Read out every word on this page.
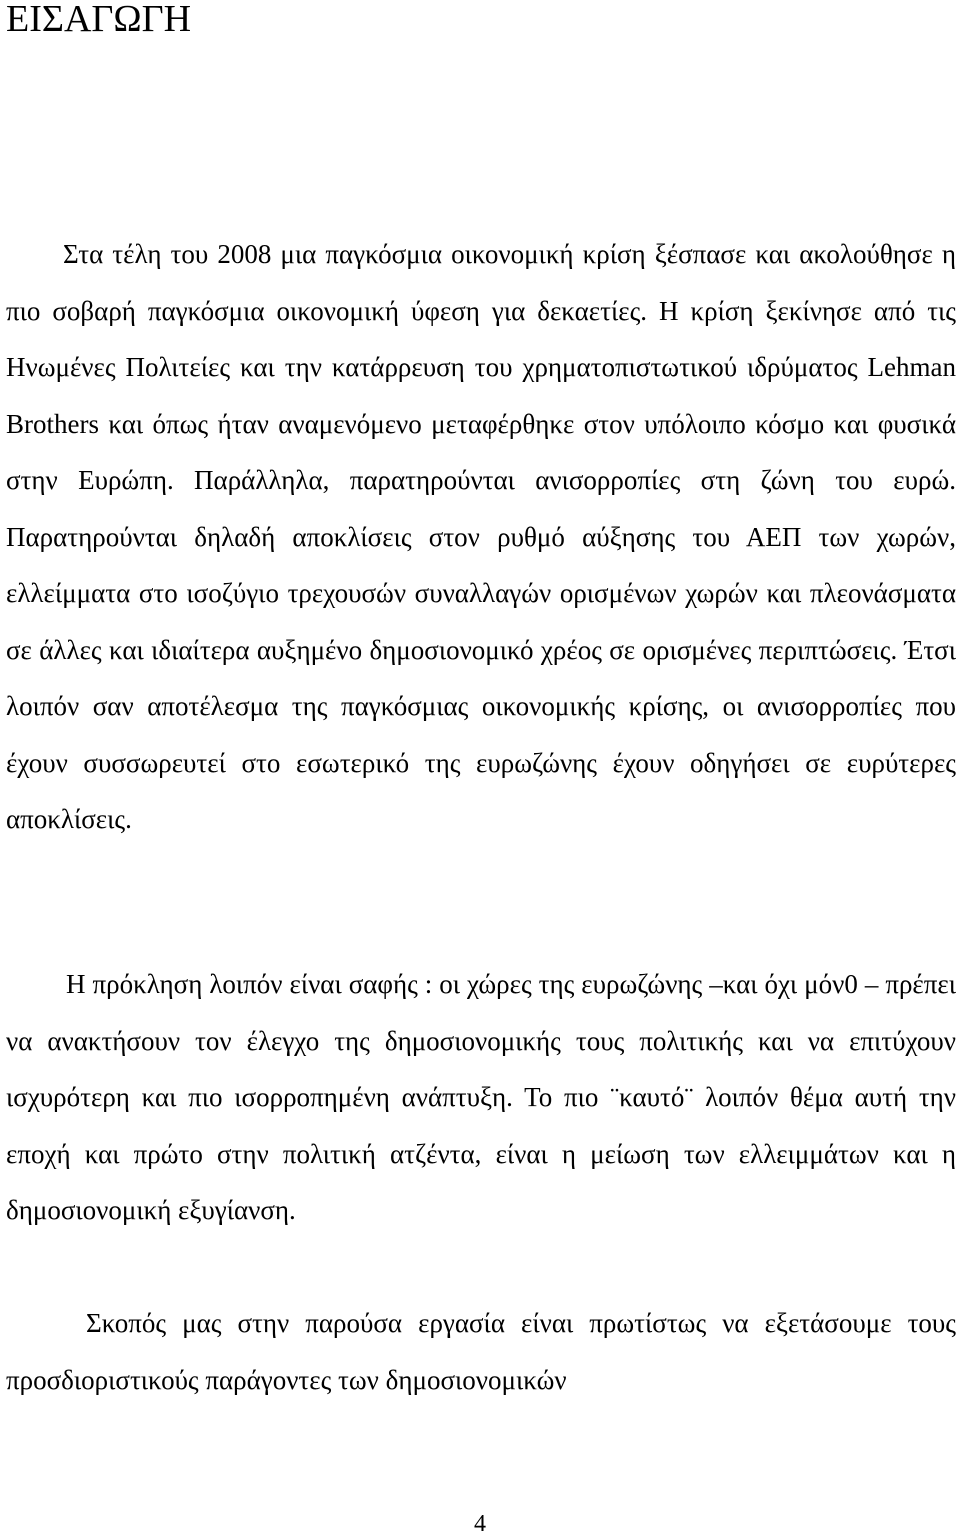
ΕΙΣΑΓΩΓΗ

Στα τέλη του 2008 μια παγκόσμια οικονομική κρίση ξέσπασε και ακολούθησε η πιο σοβαρή παγκόσμια οικονομική ύφεση για δεκαετίες. Η κρίση ξεκίνησε από τις Ηνωμένες Πολιτείες και την κατάρρευση του χρηματοπιστωτικού ιδρύματος Lehman Brothers και όπως ήταν αναμενόμενο μεταφέρθηκε στον υπόλοιπο κόσμο και φυσικά στην Ευρώπη. Παράλληλα, παρατηρούνται ανισορροπίες στη ζώνη του ευρώ. Παρατηρούνται δηλαδή αποκλίσεις στον ρυθμό αύξησης του ΑΕΠ των χωρών, ελλείμματα στο ισοζύγιο τρεχουσών συναλλαγών ορισμένων χωρών και πλεονάσματα σε άλλες και ιδιαίτερα αυξημένο δημοσιονομικό χρέος σε ορισμένες περιπτώσεις. Έτσι λοιπόν σαν αποτέλεσμα της παγκόσμιας οικονομικής κρίσης, οι ανισορροπίες που έχουν συσσωρευτεί στο εσωτερικό της ευρωζώνης έχουν οδηγήσει σε ευρύτερες αποκλίσεις.

Η πρόκληση λοιπόν είναι σαφής : οι χώρες της ευρωζώνης –και όχι μόν0 – πρέπει να ανακτήσουν τον έλεγχο της δημοσιονομικής τους πολιτικής και να επιτύχουν ισχυρότερη και πιο ισορροπημένη ανάπτυξη. Το πιο ¨καυτό¨ λοιπόν θέμα αυτή την εποχή και πρώτο στην πολιτική ατζέντα, είναι η μείωση των ελλειμμάτων και η δημοσιονομική εξυγίανση.

Σκοπός μας στην παρούσα εργασία είναι πρωτίστως να εξετάσουμε τους προσδιοριστικούς παράγοντες των δημοσιονομικών

4
